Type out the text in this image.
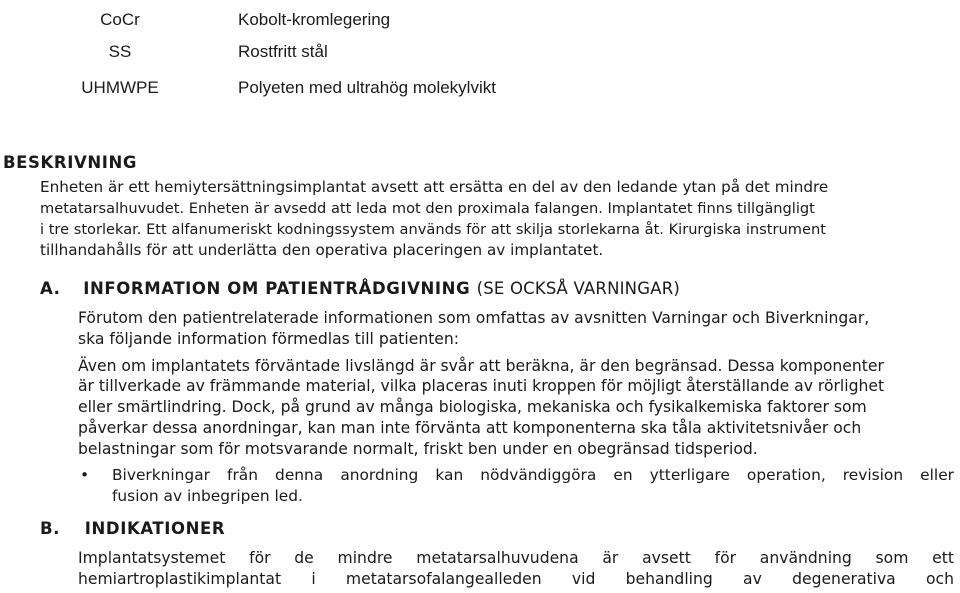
CoCr	Kobolt-kromlegering
SS	Rostfritt stål
UHMWPE	Polyeten med ultrahög molekylvikt
BESKRIVNING
Enheten är ett hemiytersättningsimplantat avsett att ersätta en del av den ledande ytan på det mindre
metatarsalhuvudet. Enheten är avsedd att leda mot den proximala falangen. Implantatet finns tillgängligt
i tre storlekar. Ett alfanumeriskt kodningssystem används för att skilja storlekarna åt. Kirurgiska instrument
tillhandahålls för att underlätta den operativa placeringen av implantatet.
A. INFORMATION OM PATIENTRÅDGIVNING (SE OCKSÅ VARNINGAR)
Förutom den patientrelaterade informationen som omfattas av avsnitten Varningar och Biverkningar,
ska följande information förmedlas till patienten:
Även om implantatets förväntade livslängd är svår att beräkna, är den begränsad. Dessa komponenter
är tillverkade av främmande material, vilka placeras inuti kroppen för möjligt återställande av rörlighet
eller smärtlindring. Dock, på grund av många biologiska, mekaniska och fysikalkemiska faktorer som
påverkar dessa anordningar, kan man inte förvänta att komponenterna ska tåla aktivitetsnivåer och
belastningar som för motsvarande normalt, friskt ben under en obegränsad tidsperiod.
• Biverkningar från denna anordning kan nödvändiggöra en ytterligare operation, revision eller
fusion av inbegripen led.
B. INDIKATIONER
Implantatsystemet för de mindre metatarsalhuvudena är avsett för användning som ett
hemiartroplastikimplantat i metatarsofalangealleden vid behandling av degenerativa och
